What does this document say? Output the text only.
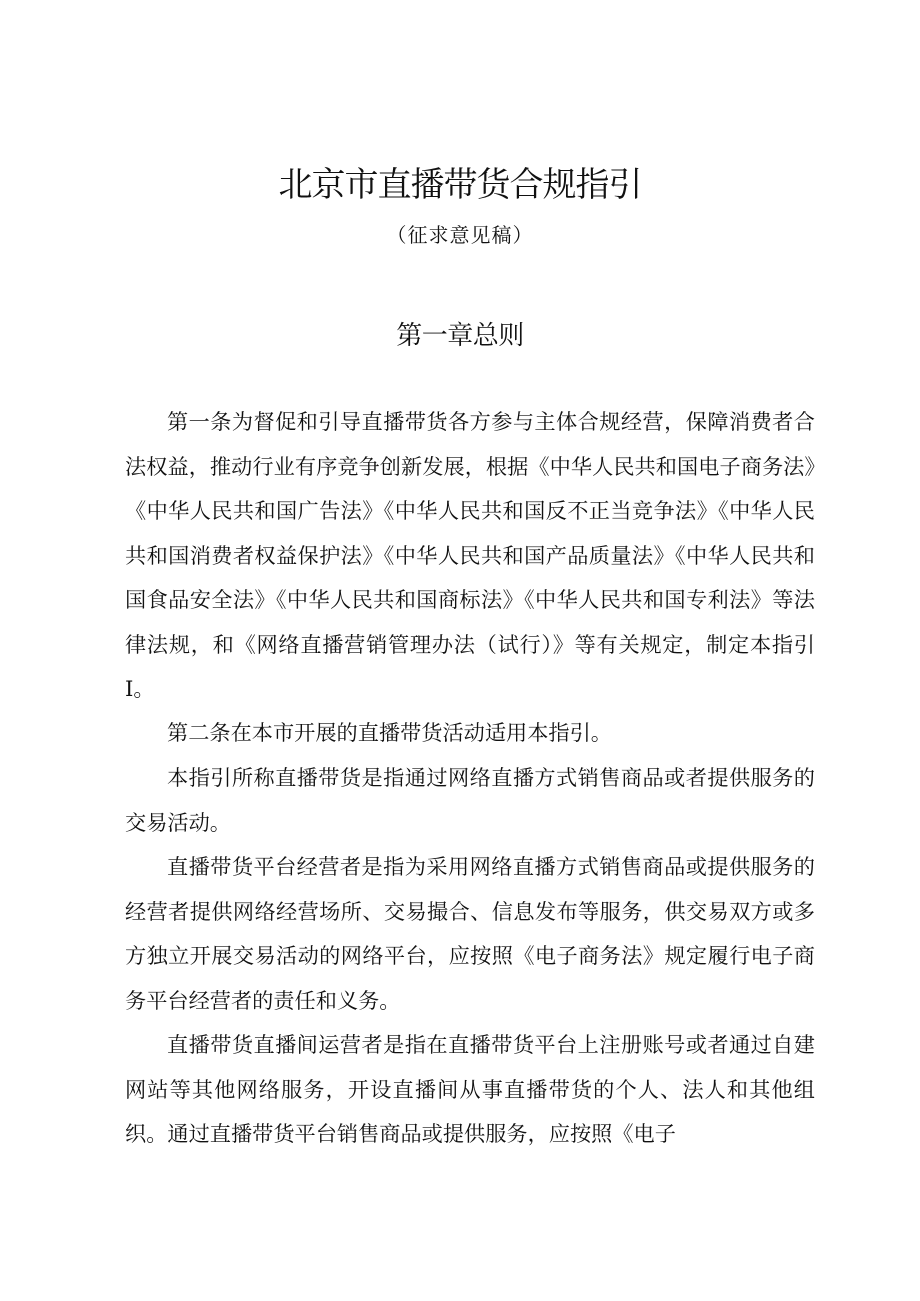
北京市直播带货合规指引
（征求意见稿）
第一章总则

第一条为督促和引导直播带货各方参与主体合规经营，保障消费者合法权益，推动行业有序竞争创新发展，根据《中华人民共和国电子商务法》《中华人民共和国广告法》《中华人民共和国反不正当竞争法》《中华人民共和国消费者权益保护法》《中华人民共和国产品质量法》《中华人民共和国食品安全法》《中华人民共和国商标法》《中华人民共和国专利法》等法律法规，和《网络直播营销管理办法（试行）》等有关规定，制定本指引I。

第二条在本市开展的直播带货活动适用本指引。

本指引所称直播带货是指通过网络直播方式销售商品或者提供服务的交易活动。

直播带货平台经营者是指为采用网络直播方式销售商品或提供服务的经营者提供网络经营场所、交易撮合、信息发布等服务，供交易双方或多方独立开展交易活动的网络平台，应按照《电子商务法》规定履行电子商务平台经营者的责任和义务。

直播带货直播间运营者是指在直播带货平台上注册账号或者通过自建网站等其他网络服务，开设直播间从事直播带货的个人、法人和其他组织。通过直播带货平台销售商品或提供服务，应按照《电子
